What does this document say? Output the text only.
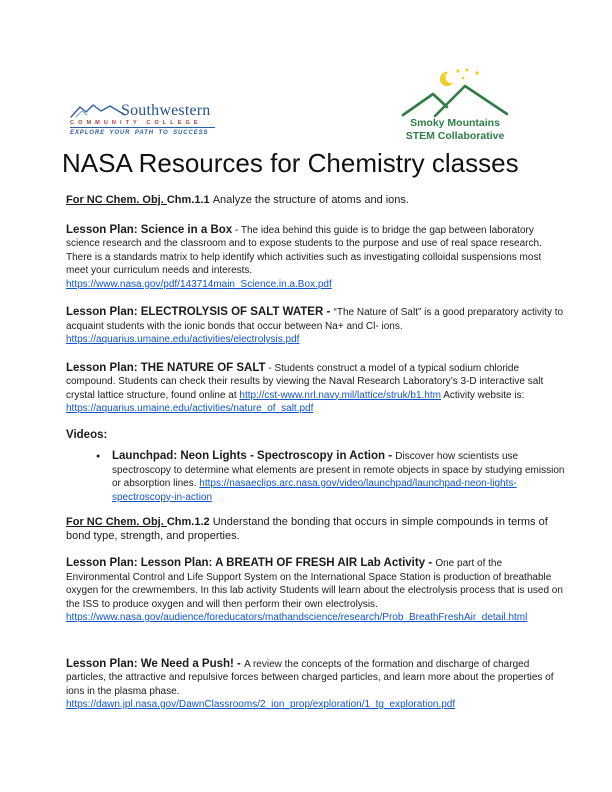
Southwestern
COMMUNITY COLLEGE
EXPLORE YOUR PATH TO SUCCESS
Smoky Mountains
STEM Collaborative
NASA Resources for Chemistry classes
For NC Chem. Obj. Chm.1.1 Analyze the structure of atoms and ions.
Lesson Plan: Science in a Box - The idea behind this guide is to bridge the gap between laboratory science research and the classroom and to expose students to the purpose and use of real space research. There is a standards matrix to help identify which activities such as investigating colloidal suspensions most meet your curriculum needs and interests.
https://www.nasa.gov/pdf/143714main_Science.in.a.Box.pdf
Lesson Plan: ELECTROLYSIS OF SALT WATER - “The Nature of Salt” is a good preparatory activity to acquaint students with the ionic bonds that occur between Na+ and Cl- ions.
https://aquarius.umaine.edu/activities/electrolysis.pdf
Lesson Plan: THE NATURE OF SALT - Students construct a model of a typical sodium chloride compound. Students can check their results by viewing the Naval Research Laboratory’s 3-D interactive salt crystal lattice structure, found online at http://cst-www.nrl.navy.mil/lattice/struk/b1.htm Activity website is: https://aquarius.umaine.edu/activities/nature_of_salt.pdf
Videos:
●	Launchpad: Neon Lights - Spectroscopy in Action - Discover how scientists use spectroscopy to determine what elements are present in remote objects in space by studying emission or absorption lines. https://nasaeclips.arc.nasa.gov/video/launchpad/launchpad-neon-lights-spectroscopy-in-action
For NC Chem. Obj. Chm.1.2 Understand the bonding that occurs in simple compounds in terms of bond type, strength, and properties.
Lesson Plan: Lesson Plan: A BREATH OF FRESH AIR Lab Activity - One part of the Environmental Control and Life Support System on the International Space Station is production of breathable oxygen for the crewmembers. In this lab activity Students will learn about the electrolysis process that is used on the ISS to produce oxygen and will then perform their own electrolysis.
https://www.nasa.gov/audience/foreducators/mathandscience/research/Prob_BreathFreshAir_detail.html
Lesson Plan: We Need a Push! - A review the concepts of the formation and discharge of charged particles, the attractive and repulsive forces between charged particles, and learn more about the properties of ions in the plasma phase.
https://dawn.jpl.nasa.gov/DawnClassrooms/2_ion_prop/exploration/1_tg_exploration.pdf
